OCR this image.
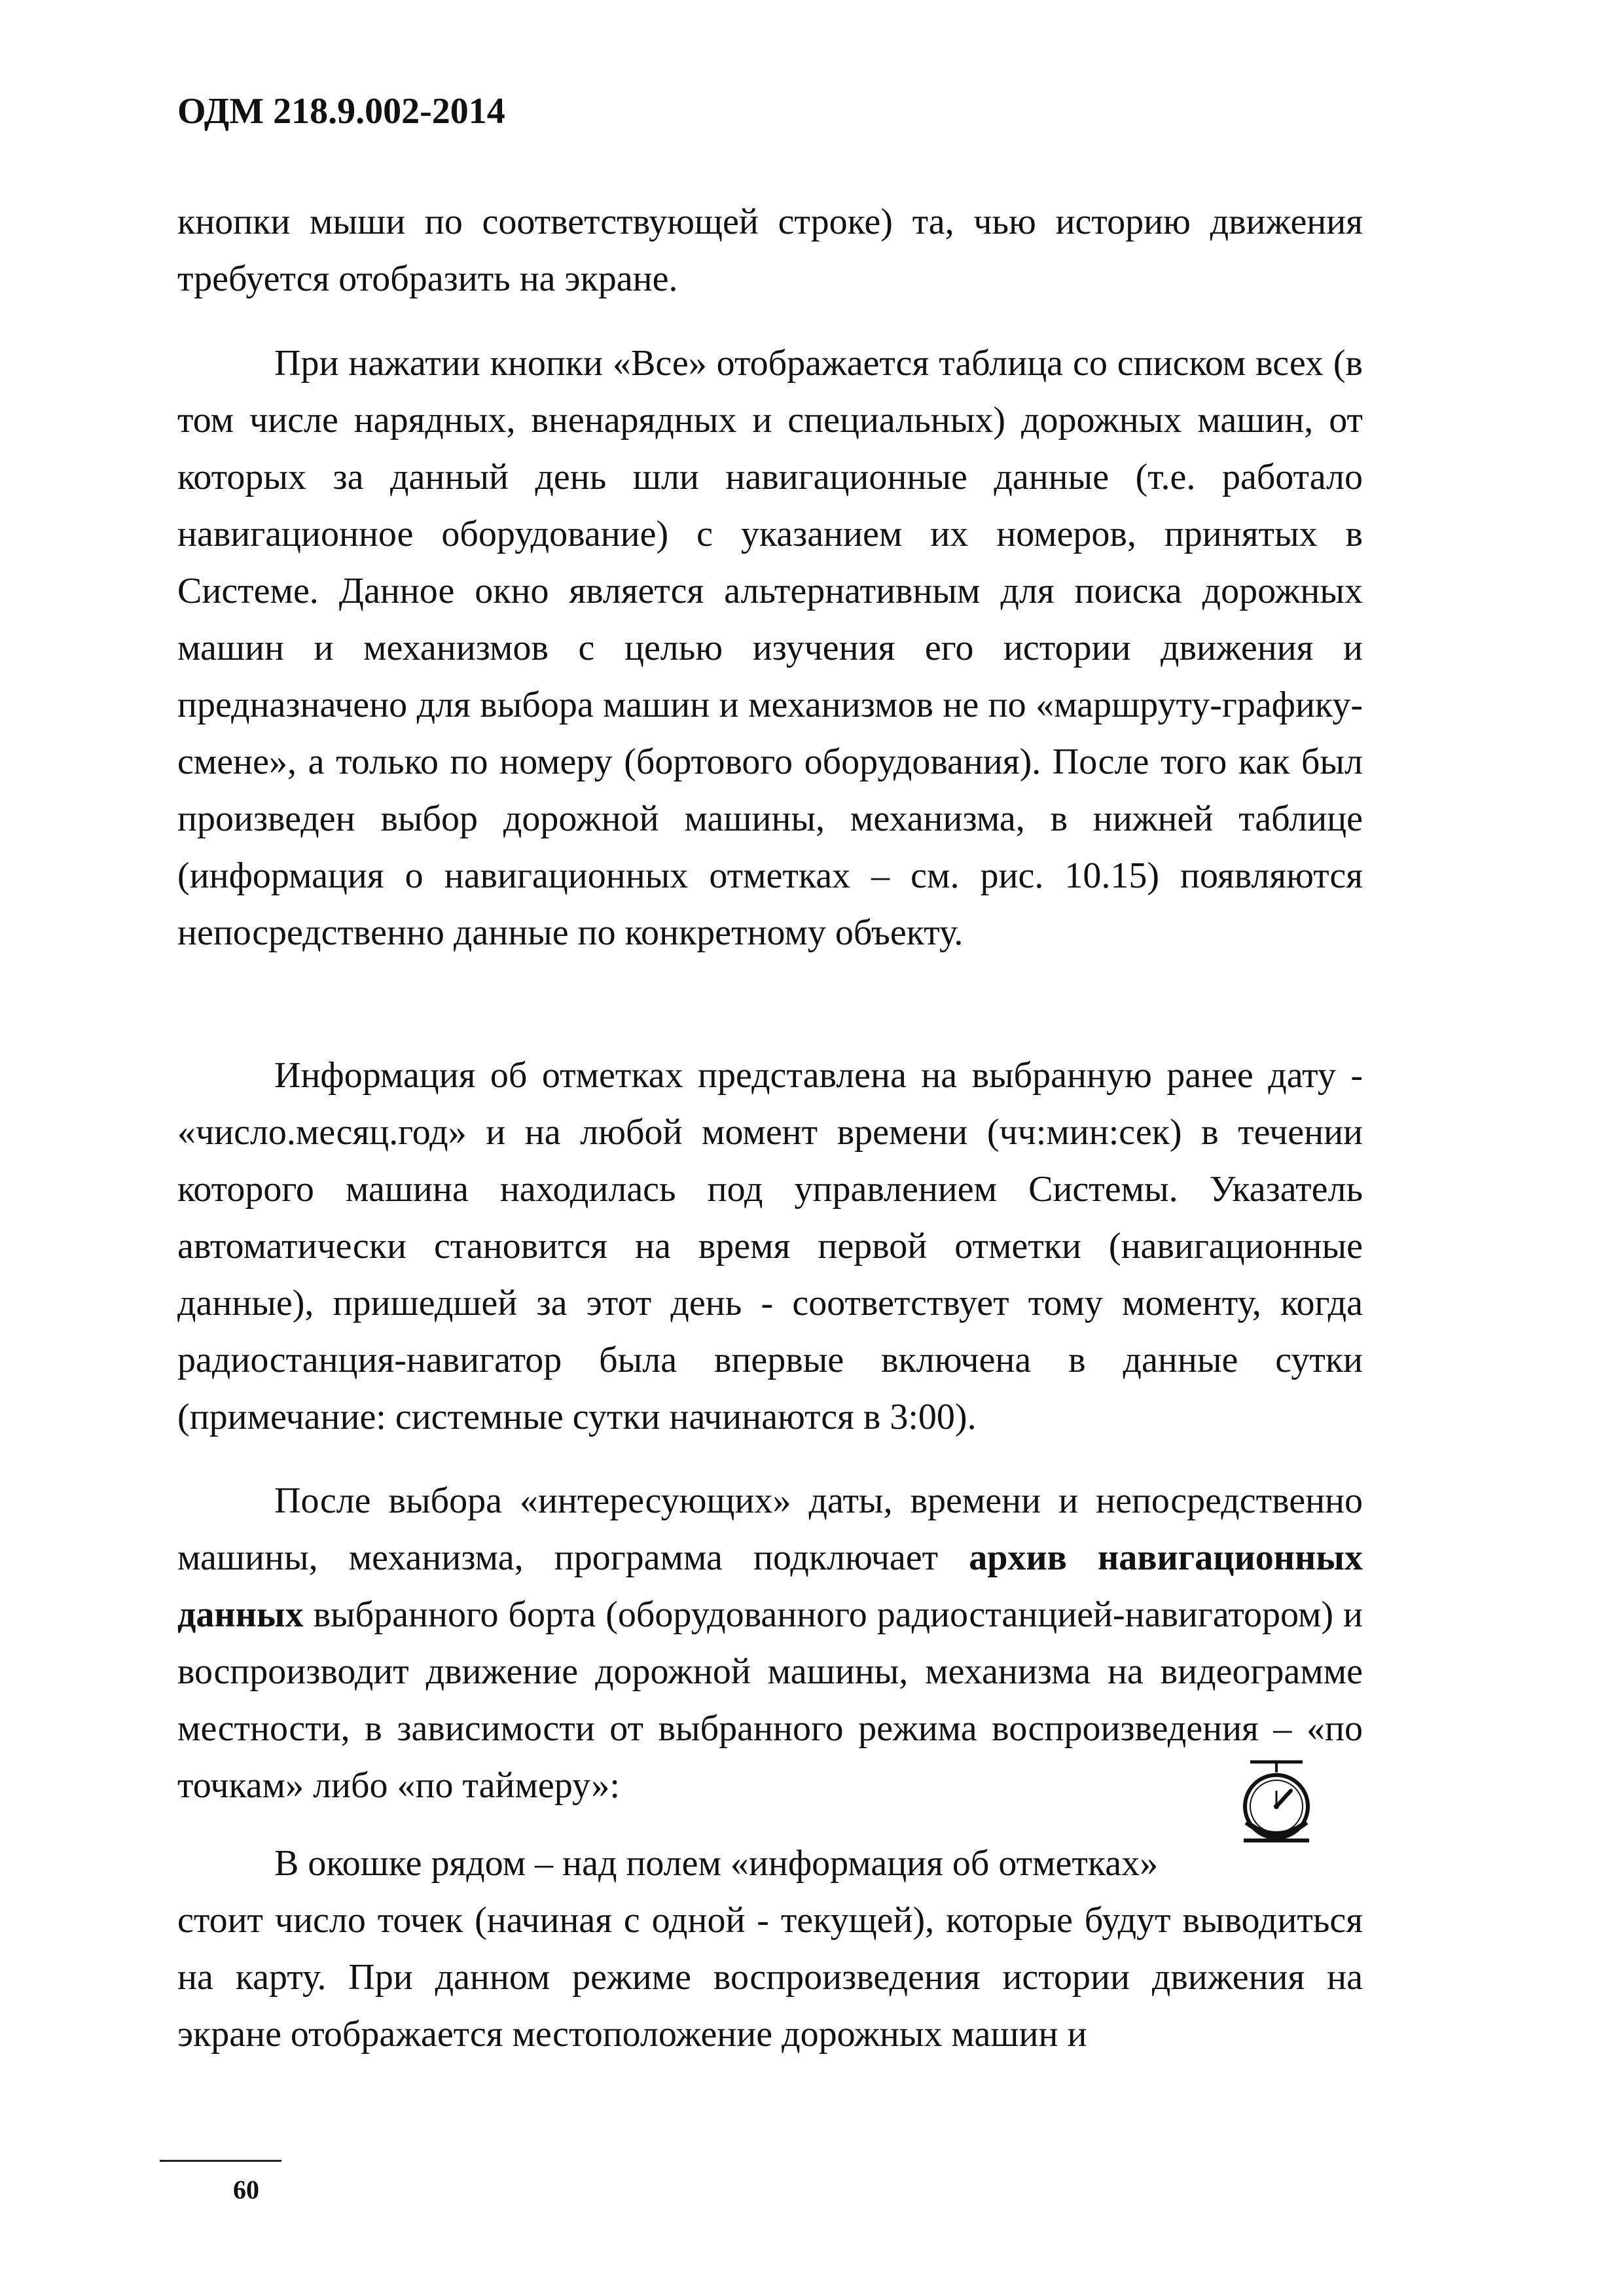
ОДМ 218.9.002-2014

кнопки мыши по соответствующей строке) та, чью историю движения требуется отобразить на экране.

При нажатии кнопки «Все» отображается таблица со списком всех (в том числе нарядных, вненарядных и специальных) дорожных машин, от которых за данный день шли навигационные данные (т.е. работало навигационное оборудование) с указанием их номеров, принятых в Системе. Данное окно является альтернативным для поиска дорожных машин и механизмов с целью изучения его истории движения и предназначено для выбора машин и механизмов не по «маршруту-графику-смене», а только по номеру (бортового оборудования). После того как был произведен выбор дорожной машины, механизма, в нижней таблице (информация о навигационных отметках – см. рис. 10.15) появляются непосредственно данные по конкретному объекту.

Информация об отметках представлена на выбранную ранее дату - «число.месяц.год» и на любой момент времени (чч:мин:сек) в течении которого машина находилась под управлением Системы. Указатель автоматически становится на время первой отметки (навигационные данные), пришедшей за этот день - соответствует тому моменту, когда радиостанция-навигатор была впервые включена в данные сутки (примечание: системные сутки начинаются в 3:00).

После выбора «интересующих» даты, времени и непосредственно машины, механизма, программа подключает архив навигационных данных выбранного борта (оборудованного радиостанцией-навигатором) и воспроизводит движение дорожной машины, механизма на видеограмме местности, в зависимости от выбранного режима воспроизведения – «по точкам» либо «по таймеру»:

В окошке рядом – над полем «информация об отметках»

стоит число точек (начиная с одной - текущей), которые будут выводиться на карту. При данном режиме воспроизведения истории движения на экране отображается местоположение дорожных машин и

60
